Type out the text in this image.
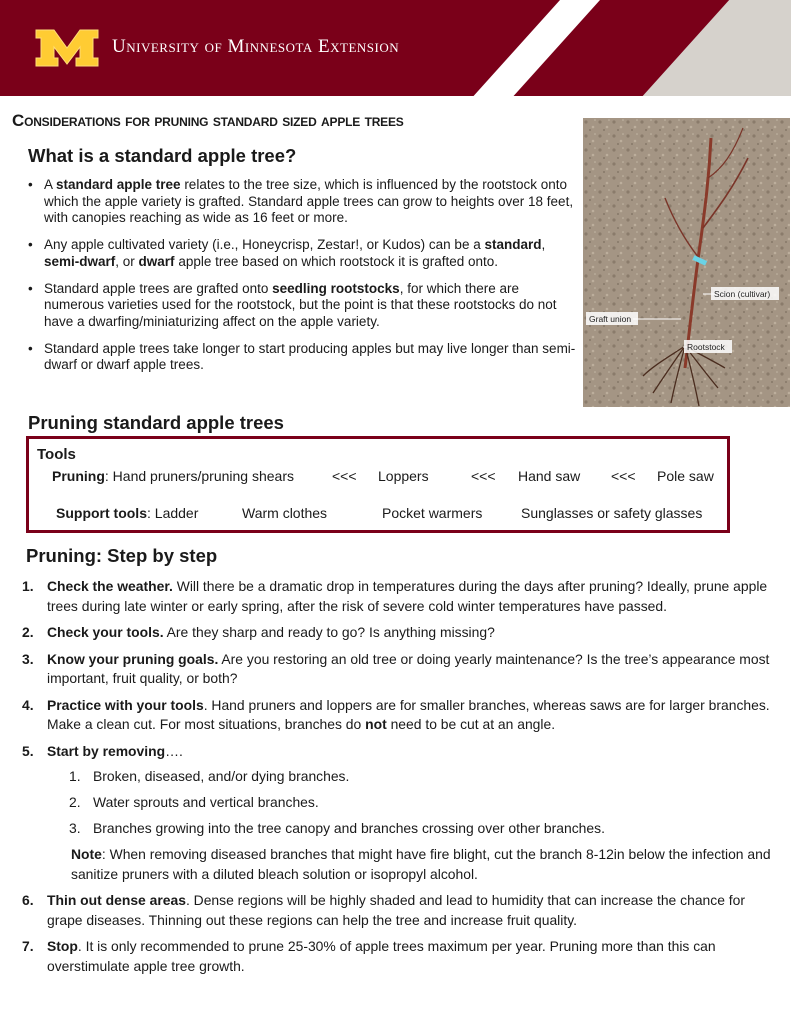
University of Minnesota Extension
Considerations for pruning standard sized apple trees
What is a standard apple tree?
• A standard apple tree relates to the tree size, which is influenced by the rootstock onto which the apple variety is grafted. Standard apple trees can grow to heights over 18 feet, with canopies reaching as wide as 16 feet or more.
• Any apple cultivated variety (i.e., Honeycrisp, Zestar!, or Kudos) can be a standard, semi-dwarf, or dwarf apple tree based on which rootstock it is grafted onto.
• Standard apple trees are grafted onto seedling rootstocks, for which there are numerous varieties used for the rootstock, but the point is that these rootstocks do not have a dwarfing/miniaturizing affect on the apple variety.
• Standard apple trees take longer to start producing apples but may live longer than semi-dwarf or dwarf apple trees.
Scion (cultivar)
Graft union
Rootstock
Pruning standard apple trees
Tools
Pruning: Hand pruners/pruning shears	<<< Loppers	<<< Hand saw <<< Pole saw
Support tools: Ladder	Warm clothes	Pocket warmers	Sunglasses or safety glasses
Pruning: Step by step
1. Check the weather. Will there be a dramatic drop in temperatures during the days after pruning? Ideally, prune apple trees during late winter or early spring, after the risk of severe cold winter temperatures have passed.
2. Check your tools. Are they sharp and ready to go? Is anything missing?
3. Know your pruning goals. Are you restoring an old tree or doing yearly maintenance? Is the tree’s appearance most important, fruit quality, or both?
4. Practice with your tools. Hand pruners and loppers are for smaller branches, whereas saws are for larger branches. Make a clean cut. For most situations, branches do not need to be cut at an angle.
5. Start by removing….
1. Broken, diseased, and/or dying branches.
2. Water sprouts and vertical branches.
3. Branches growing into the tree canopy and branches crossing over other branches.
Note: When removing diseased branches that might have fire blight, cut the branch 8-12in below the infection and sanitize pruners with a diluted bleach solution or isopropyl alcohol.
6. Thin out dense areas. Dense regions will be highly shaded and lead to humidity that can increase the chance for grape diseases. Thinning out these regions can help the tree and increase fruit quality.
7. Stop. It is only recommended to prune 25-30% of apple trees maximum per year. Pruning more than this can overstimulate apple tree growth.
